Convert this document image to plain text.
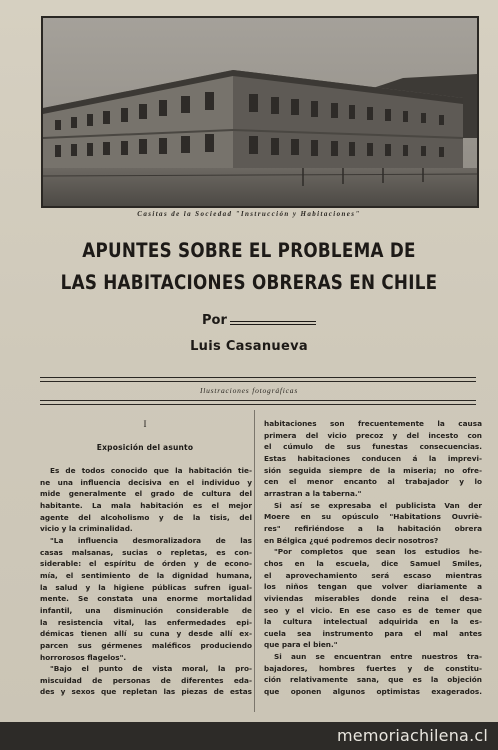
Casitas de la Sociedad "Instrucción y Habitaciones"
APUNTES SOBRE EL PROBLEMA DE
LAS HABITACIONES OBRERAS EN CHILE
Por
Luis Casanueva
Ilustraciones fotográficas
I
Exposición del asunto
Es de todos conocido que la habitación tie-
ne una influencia decisiva en el individuo y
mide generalmente el grado de cultura del
habitante. La mala habitación es el mejor
agente del alcoholismo y de la tisis, del
vicio y la criminalidad.
"La influencia desmoralizadora de las
casas malsanas, sucias o repletas, es con-
siderable: el espíritu de órden y de econo-
mía, el sentimiento de la dignidad humana,
la salud y la higiene públicas sufren igual-
mente. Se constata una enorme mortalidad
infantil, una disminución considerable de
la resistencia vital, las enfermedades epi-
démicas tienen allí su cuna y desde allí ex-
parcen sus gérmenes maléficos produciendo
horrorosos flagelos".
"Bajo el punto de vista moral, la pro-
miscuidad de personas de diferentes eda-
des y sexos que repletan las piezas de estas
habitaciones son frecuentemente la causa
primera del vicio precoz y del incesto con
el cúmulo de sus funestas consecuencias.
Estas habitaciones conducen á la imprevi-
sión seguida siempre de la miseria; no ofre-
cen el menor encanto al trabajador y lo
arrastran a la taberna."
Si así se expresaba el publicista Van der
Moere en su opúsculo "Habitations Ouvriè-
res" refiriéndose a la habitación obrera
en Bélgica ¿qué podremos decir nosotros?
"Por completos que sean los estudios he-
chos en la escuela, dice Samuel Smiles,
el aprovechamiento será escaso mientras
los niños tengan que volver diariamente a
viviendas miserables donde reina el desa-
seo y el vicio. En ese caso es de temer que
la cultura intelectual adquirida en la es-
cuela sea instrumento para el mal antes
que para el bien."
Si aun se encuentran entre nuestros tra-
bajadores, hombres fuertes y de constitu-
ción relativamente sana, que es la objeción
que oponen algunos optimistas exagerados.
memoriachilena.cl
